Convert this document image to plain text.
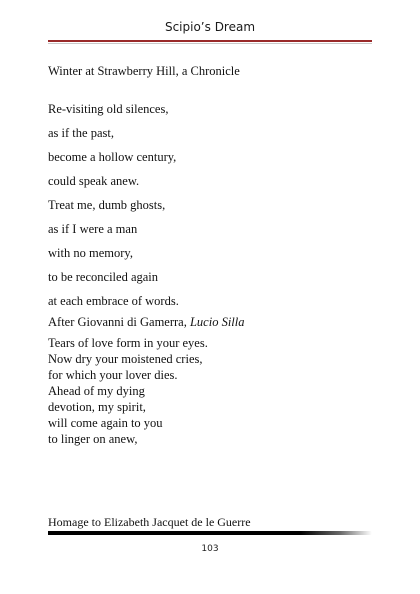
Scipio’s Dream
Winter at Strawberry Hill, a Chronicle
Re-visiting old silences,
as if the past,
become a hollow century,
could speak anew.
Treat me, dumb ghosts,
as if I were a man
with no memory,
to be reconciled again
at each embrace of words.
After Giovanni di Gamerra, Lucio Silla
Tears of love form in your eyes.
Now dry your moistened cries,
for which your lover dies.
Ahead of my dying
devotion, my spirit,
will come again to you
to linger on anew,
Homage to Elizabeth Jacquet de le Guerre
103
